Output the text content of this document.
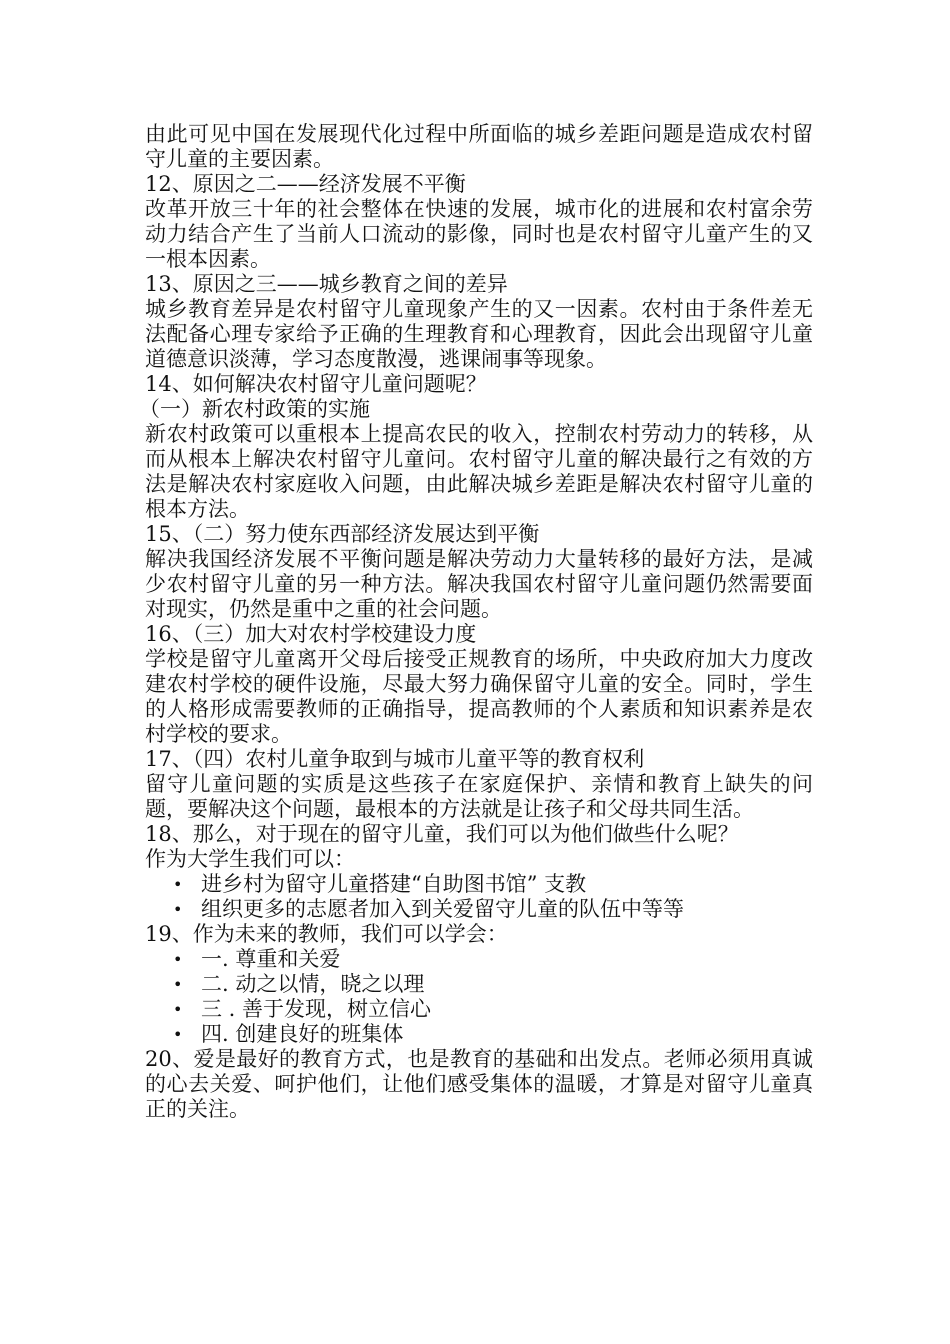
由此可见中国在发展现代化过程中所面临的城乡差距问题是造成农村留守儿童的主要因素。

12、原因之二——经济发展不平衡

改革开放三十年的社会整体在快速的发展，城市化的进展和农村富余劳动力结合产生了当前人口流动的影像，同时也是农村留守儿童产生的又一根本因素。

13、原因之三——城乡教育之间的差异

城乡教育差异是农村留守儿童现象产生的又一因素。农村由于条件差无法配备心理专家给予正确的生理教育和心理教育，因此会出现留守儿童道德意识淡薄，学习态度散漫，逃课闹事等现象。

14、如何解决农村留守儿童问题呢？

（一）新农村政策的实施

新农村政策可以重根本上提高农民的收入，控制农村劳动力的转移，从而从根本上解决农村留守儿童问。农村留守儿童的解决最行之有效的方法是解决农村家庭收入问题，由此解决城乡差距是解决农村留守儿童的根本方法。

15、（二）努力使东西部经济发展达到平衡

解决我国经济发展不平衡问题是解决劳动力大量转移的最好方法，是减少农村留守儿童的另一种方法。解决我国农村留守儿童问题仍然需要面对现实，仍然是重中之重的社会问题。

16、（三）加大对农村学校建设力度

学校是留守儿童离开父母后接受正规教育的场所，中央政府加大力度改建农村学校的硬件设施，尽最大努力确保留守儿童的安全。同时，学生的人格形成需要教师的正确指导，提高教师的个人素质和知识素养是农村学校的要求。

17、（四）农村儿童争取到与城市儿童平等的教育权利

留守儿童问题的实质是这些孩子在家庭保护、亲情和教育上缺失的问题，要解决这个问题，最根本的方法就是让孩子和父母共同生活。

18、那么，对于现在的留守儿童，我们可以为他们做些什么呢？

作为大学生我们可以：

• 进乡村为留守儿童搭建“自助图书馆” 支教
• 组织更多的志愿者加入到关爱留守儿童的队伍中等等

19、作为未来的教师，我们可以学会：

• 一. 尊重和关爱
• 二. 动之以情，晓之以理
• 三 . 善于发现，树立信心
• 四. 创建良好的班集体

20、爱是最好的教育方式，也是教育的基础和出发点。老师必须用真诚的心去关爱、呵护他们，让他们感受集体的温暖，才算是对留守儿童真正的关注。
